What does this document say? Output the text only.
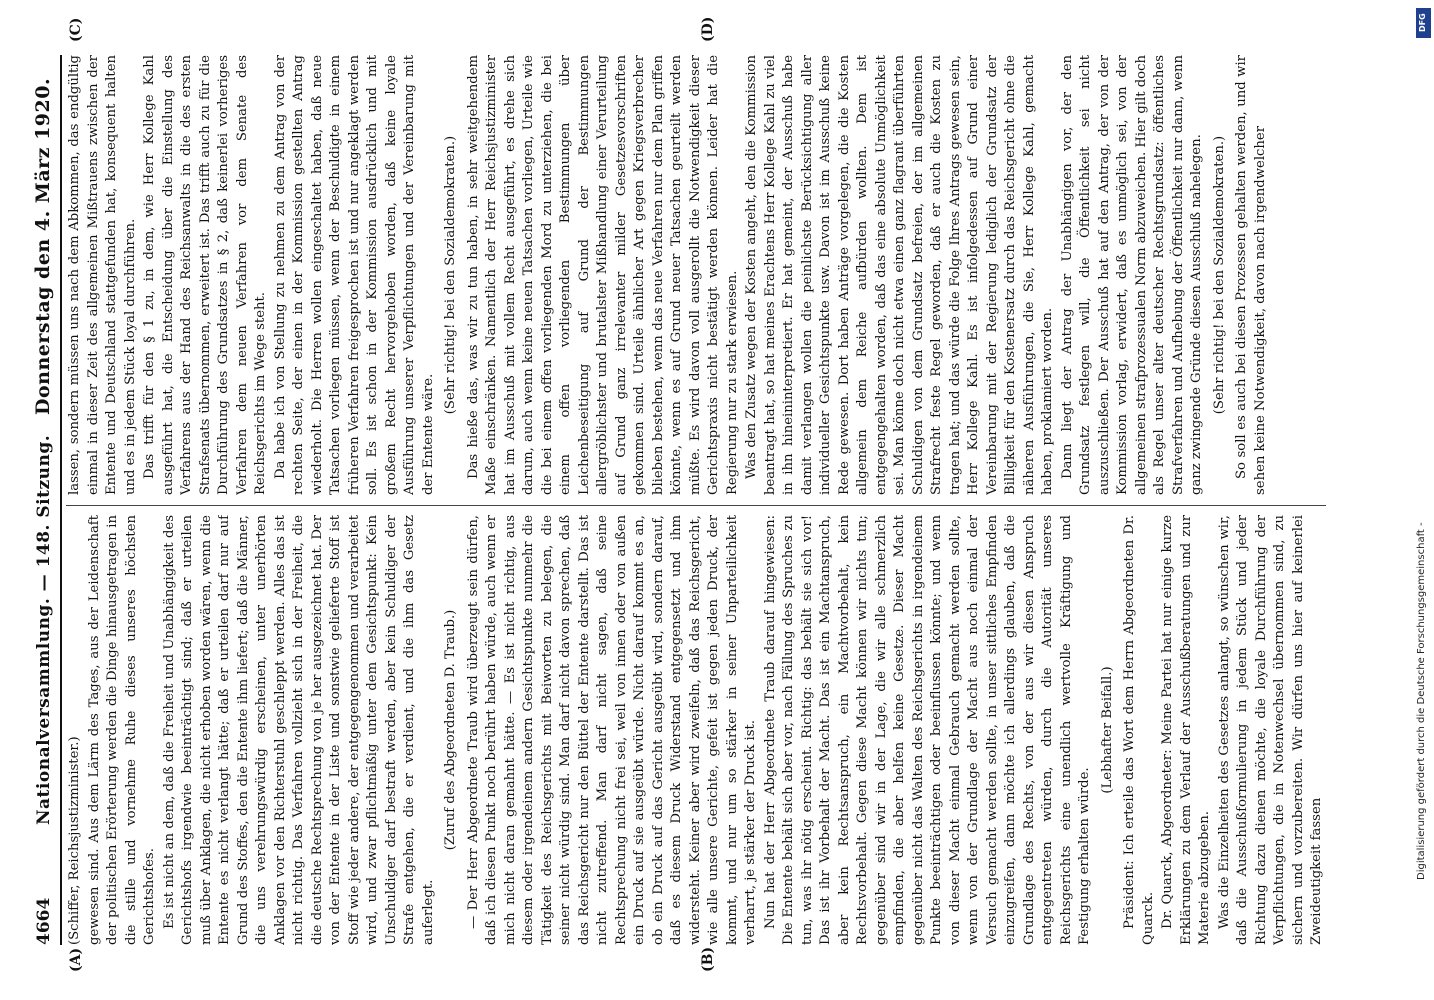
4664
Nationalversammlung. — 148. Sitzung.
Donnerstag den 4. März 1920.
(A)	(B)
(C)	(D)

(Schiffer, Reichsjustizminister.) gewesen sind. Aus dem Lärm des Tages, aus der Leidenschaft der politischen Erörterung werden die Dinge hinausgetragen in die stille und vornehme Ruhe dieses unseres höchsten Gerichtshofes. Es ist nicht an dem, daß die Freiheit und Unabhängigkeit des Gerichtshofs irgendwie beeinträchtigt sind; daß er urteilen muß über Anklagen, die nicht erhoben worden wären, wenn die Entente es nicht verlangt hätte; daß er urteilen darf nur auf Grund des Stoffes, den die Entente ihm liefert; daß die Männer, die uns verehrungswürdig erscheinen, unter unerhörten Anklagen vor den Richterstuhl geschleppt werden. Alles das ist nicht richtig. Das Verfahren vollzieht sich in der Freiheit, die die deutsche Rechtsprechung von je her ausgezeichnet hat. Der von der Entente in der Liste und sonstwie gelieferte Stoff ist Stoff wie jeder andere, der entgegengenommen und verarbeitet wird, und zwar pflichtmäßig unter dem Gesichtspunkt: Kein Unschuldiger darf bestraft werden, aber kein Schuldiger der Strafe entgehen, die er verdient, und die ihm das Gesetz auferlegt.

(Zuruf des Abgeordneten D. Traub.) — Der Herr Abgeordnete Traub wird überzeugt sein dürfen, daß ich diesen Punkt noch berührt haben würde, auch wenn er mich nicht daran gemahnt hätte. — Es ist nicht richtig, aus diesem oder irgendeinem andern Gesichtspunkte nunmehr die Tätigkeit des Reichsgerichts mit Beiworten zu belegen, die seiner nicht würdig sind. Man darf nicht davon sprechen, daß das Reichsgericht nur den Büttel der Entente darstellt. Das ist nicht zutreffend. Man darf nicht sagen, daß seine Rechtsprechung nicht frei sei, weil von innen oder von außen ein Druck auf sie ausgeübt würde. Nicht darauf kommt es an, ob ein Druck auf das Gericht ausgeübt wird, sondern darauf, daß es diesem Druck Widerstand entgegensetzt und ihm widersteht. Keiner aber wird zweifeln, daß das Reichsgericht, wie alle unsere Gerichte, gefeit ist gegen jeden Druck, der kommt, und nur um so stärker in seiner Unparteilichkeit verharrt, je stärker der Druck ist. Nun hat der Herr Abgeordnete Traub darauf hingewiesen: Die Entente behält sich aber vor, nach Fällung des Spruches zu tun, was ihr nötig erscheint. Richtig: das behält sie sich vor! Das ist ihr Vorbehalt der Macht. Das ist ein Machtanspruch, aber kein Rechtsanspruch, ein Machtvorbehalt, kein Rechtsvorbehalt. Gegen diese Macht können wir nichts tun; gegenüber sind wir in der Lage, die wir alle schmerzlich empfinden, die aber helfen keine Gesetze. Dieser Macht gegenüber nicht das Walten des Reichsgerichts in irgendeinem Punkte beeinträchtigen oder beeinflussen könnte; und wenn von dieser Macht einmal Gebrauch gemacht werden sollte, wenn von der Grundlage der Macht aus noch einmal der Versuch gemacht werden sollte, in unser sittliches Empfinden einzugreifen, dann möchte ich allerdings glauben, daß die Grundlage des Rechts, von der aus wir diesen Anspruch entgegentreten würden, durch die Autorität unseres Reichsgerichts eine unendlich wertvolle Kräftigung und Festigung erhalten würde.

(Lebhafter Beifall.) Präsident: Ich erteile das Wort dem Herrn Abgeordneten Dr. Quarck. Dr. Quarck, Abgeordneter: Meine Partei hat nur einige kurze Erklärungen zu dem Verlauf der Ausschußberatungen und zur Materie abzugeben. Was die Einzelheiten des Gesetzes anlangt, so wünschen wir, daß die Ausschußformulierung in jedem Stück und jeder Richtung dazu dienen möchte, die loyale Durchführung der Verpflichtungen, die in Notenwechsel übernommen sind, zu sichern und vorzubereiten. Wir dürfen uns hier auf keinerlei Zweideutigkeit fassen

lassen, sondern müssen uns nach dem Abkommen, das endgültig einmal in dieser Zeit des allgemeinen Mißtrauens zwischen der Entente und Deutschland stattgefunden hat, konsequent halten und es in jedem Stück loyal durchführen. Das trifft für den § 1 zu, in dem, wie Herr Kollege Kahl ausgeführt hat, die Entscheidung über die Einstellung des Verfahrens aus der Hand des Reichsanwalts in die des ersten Strafsenats übernommen, erweitert ist. Das trifft auch zu für die Durchführung des Grundsatzes in § 2, daß keinerlei vorheriges Verfahren dem neuen Verfahren vor dem Senate des Reichsgerichts im Wege steht. Da habe ich von Stellung zu nehmen zu dem Antrag von der rechten Seite, der einen in der Kommission gestellten Antrag wiederholt. Die Herren wollen eingeschaltet haben, daß neue Tatsachen vorliegen müssen, wenn der Beschuldigte in einem früheren Verfahren freigesprochen ist und nur angeklagt werden soll. Es ist schon in der Kommission ausdrücklich und mit großem Recht hervorgehoben worden, daß keine loyale Ausführung unserer Verpflichtungen und der Vereinbarung mit der Entente wäre.

(Sehr richtig! bei den Sozialdemokraten.) Das hieße das, was wir zu tun haben, in sehr weitgehendem Maße einschränken. Namentlich der Herr Reichsjustizminister hat im Ausschuß mit vollem Recht ausgeführt, es drehe sich darum, auch wenn keine neuen Tatsachen vorliegen, Urteile wie die bei einem offen vorliegenden Mord zu unterziehen, die bei einem offen vorliegenden Bestimmungen über Leichenbeseitigung auf Grund der Bestimmungen allergröblichster und brutalster Mißhandlung einer Verurteilung auf Grund ganz irrelevanter milder Gesetzesvorschriften gekommen sind. Urteile ähnlicher Art gegen Kriegsverbrecher blieben bestehen, wenn das neue Verfahren nur dem Plan griffen könnte, wenn es auf Grund neuer Tatsachen geurteilt werden müßte. Es wird davon voll ausgerollt die Notwendigkeit dieser Gerichtspraxis nicht bestätigt werden können. Leider hat die Regierung nur zu stark erwiesen. Was den Zusatz wegen der Kosten angeht, den die Kommission beantragt hat, so hat meines Erachtens Herr Kollege Kahl zu viel in ihn hineininterpretiert. Er hat gemeint, der Ausschuß habe damit verlangen wollen die peinlichste Berücksichtigung aller individueller Gesichtspunkte usw. Davon ist im Ausschuß keine Rede gewesen. Dort haben Anträge vorgelegen, die die Kosten allgemein dem Reiche aufbürden wollten. Dem ist entgegengehalten worden, daß das eine absolute Unmöglichkeit sei. Man könne doch nicht etwa einen ganz flagrant überführten Schuldigen von dem Grundsatz befreien, der im allgemeinen Strafrecht feste Regel geworden, daß er auch die Kosten zu tragen hat; und das würde die Folge Ihres Antrags gewesen sein, Herr Kollege Kahl. Es ist infolgedessen auf Grund einer Vereinbarung mit der Regierung lediglich der Grundsatz der Billigkeit für den Kostenersatz durch das Reichsgericht ohne die näheren Ausführungen, die Sie, Herr Kollege Kahl, gemacht haben, proklamiert worden. Dann liegt der Antrag der Unabhängigen vor, der den Grundsatz festlegen will, die Öffentlichkeit sei nicht auszuschließen. Der Ausschuß hat auf den Antrag, der von der Kommission vorlag, erwidert, daß es unmöglich sei, von der allgemeinen strafprozessualen Norm abzuweichen. Hier gilt doch als Regel unser alter deutscher Rechtsgrundsatz: öffentliches Strafverfahren und Aufhebung der Öffentlichkeit nur dann, wenn ganz zwingende Gründe diesen Ausschluß nahelegen. (Sehr richtig! bei den Sozialdemokraten.) So soll es auch bei diesen Prozessen gehalten werden, und wir sehen keine Notwendigkeit, davon nach irgendwelcher

DFG
Digitalisierung gefördert durch die Deutsche Forschungsgemeinschaft -
